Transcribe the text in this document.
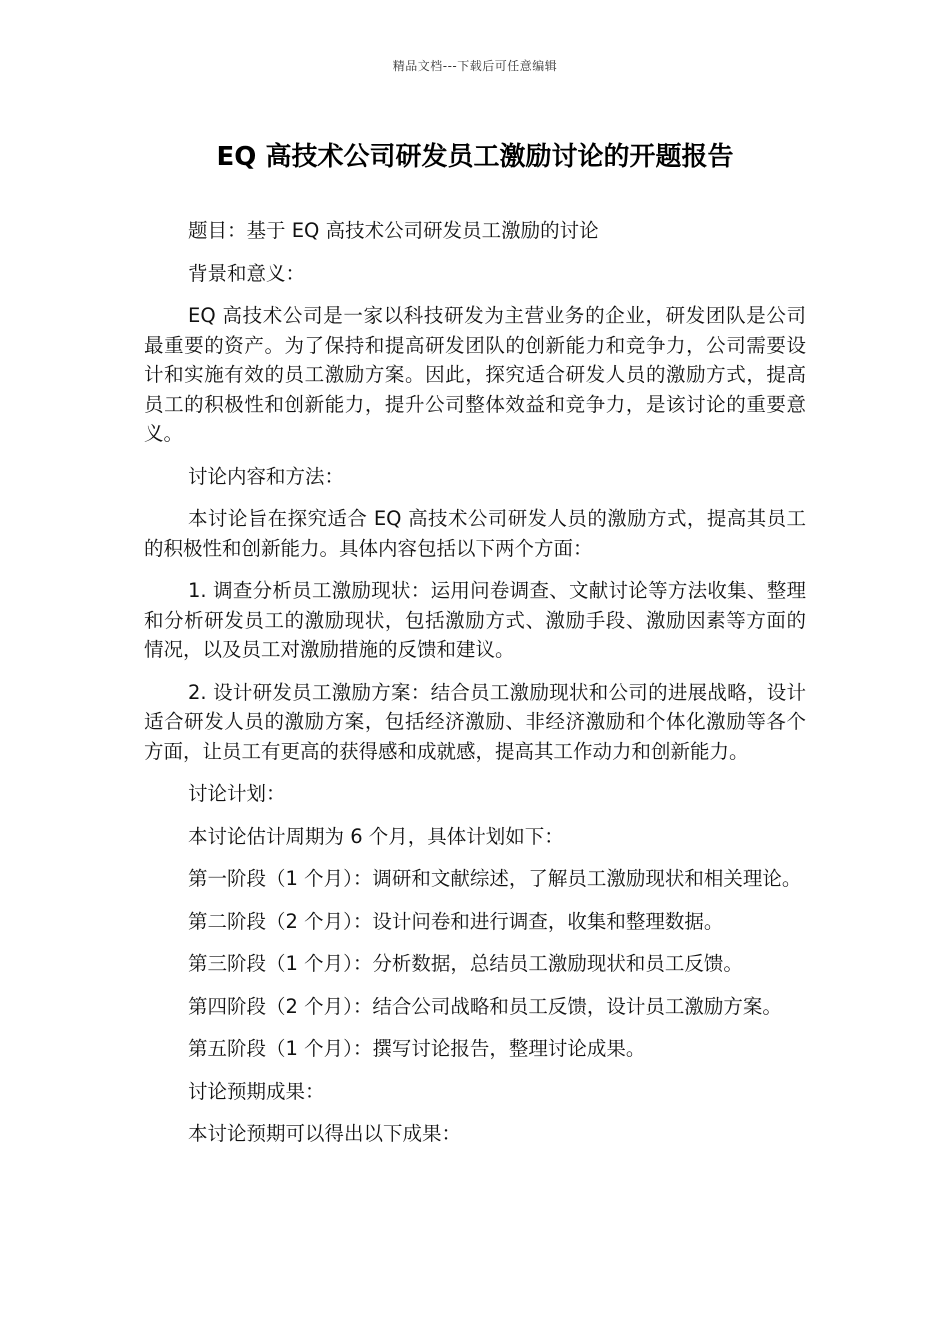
精品文档---下载后可任意编辑
EQ 高技术公司研发员工激励讨论的开题报告

题目：基于 EQ 高技术公司研发员工激励的讨论

背景和意义：

EQ 高技术公司是一家以科技研发为主营业务的企业，研发团队是公司最重要的资产。为了保持和提高研发团队的创新能力和竞争力，公司需要设计和实施有效的员工激励方案。因此，探究适合研发人员的激励方式，提高员工的积极性和创新能力，提升公司整体效益和竞争力，是该讨论的重要意义。

讨论内容和方法：

本讨论旨在探究适合 EQ 高技术公司研发人员的激励方式，提高其员工的积极性和创新能力。具体内容包括以下两个方面：

1. 调查分析员工激励现状：运用问卷调查、文献讨论等方法收集、整理和分析研发员工的激励现状，包括激励方式、激励手段、激励因素等方面的情况，以及员工对激励措施的反馈和建议。

2. 设计研发员工激励方案：结合员工激励现状和公司的进展战略，设计适合研发人员的激励方案，包括经济激励、非经济激励和个体化激励等各个方面，让员工有更高的获得感和成就感，提高其工作动力和创新能力。

讨论计划：

本讨论估计周期为 6 个月，具体计划如下：

第一阶段（1 个月）：调研和文献综述，了解员工激励现状和相关理论。

第二阶段（2 个月）：设计问卷和进行调查，收集和整理数据。

第三阶段（1 个月）：分析数据，总结员工激励现状和员工反馈。

第四阶段（2 个月）：结合公司战略和员工反馈，设计员工激励方案。

第五阶段（1 个月）：撰写讨论报告，整理讨论成果。

讨论预期成果：

本讨论预期可以得出以下成果：
